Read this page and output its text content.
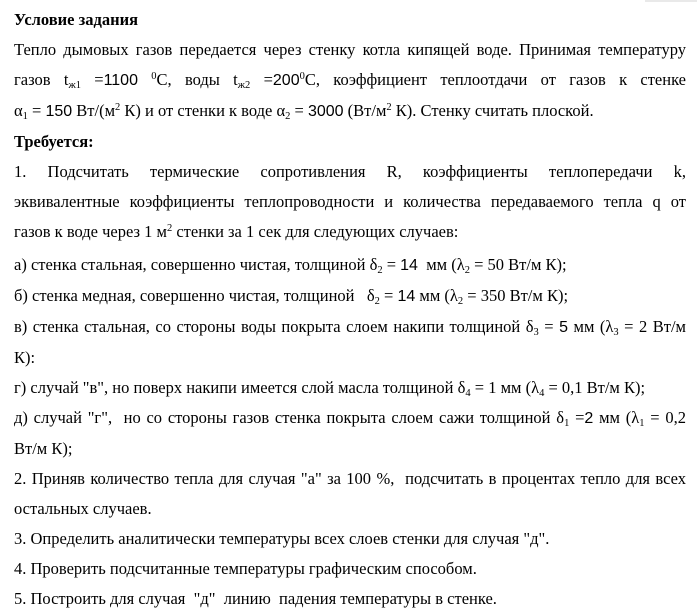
Условие задания
Тепло дымовых газов передается через стенку котла кипящей воде. Принимая температуру
газов $t_{ж1} =1100$ $^0$С, воды $t_{ж2} =200^0С$, коэффициент теплоотдачи от газов к стенке
$\alpha_1 = 150$ $Вт/(м^2$ К) и от стенки к воде $\alpha_2 = 3000$ ($Вт/м^2$ К). Стенку считать плоской.
Требуется:
1. Подсчитать термические сопротивления R, коэффициенты теплопередачи k,
эквивалентные коэффициенты теплопроводности и количества передаваемого тепла q от
газов к воде через 1 $м^2$ стенки за 1 сек для следующих случаев:
а) стенка стальная, совершенно чистая, толщиной $\delta_2 = 14$  мм ($\lambda_2 = 50$ Вт/м К);
б) стенка медная, совершенно чистая, толщиной   $\delta_2 = 14$ мм ($\lambda_2 = 350$ Вт/м К);
в) стенка стальная, со стороны воды покрыта слоем накипи толщиной $\delta_3 = 5$ мм ($\lambda_3 = 2$ Вт/м
К):
г) случай "в", но поверх накипи имеется слой масла толщиной $\delta_4 = 1$ мм ($\lambda_4 = 0,1$ Вт/м К);
д) случай "г",  но со стороны газов стенка покрыта слоем сажи толщиной $\delta_1 =2$ мм ($\lambda_1 = 0,2$
Вт/м К);
2. Приняв количество тепла для случая "а" за 100 %,  подсчитать в процентах тепло для всех
остальных случаев.
3. Определить аналитически температуры всех слоев стенки для случая "д".
4. Проверить подсчитанные температуры графическим способом.
5. Построить для случая  "д"  линию  падения температуры в стенке.
